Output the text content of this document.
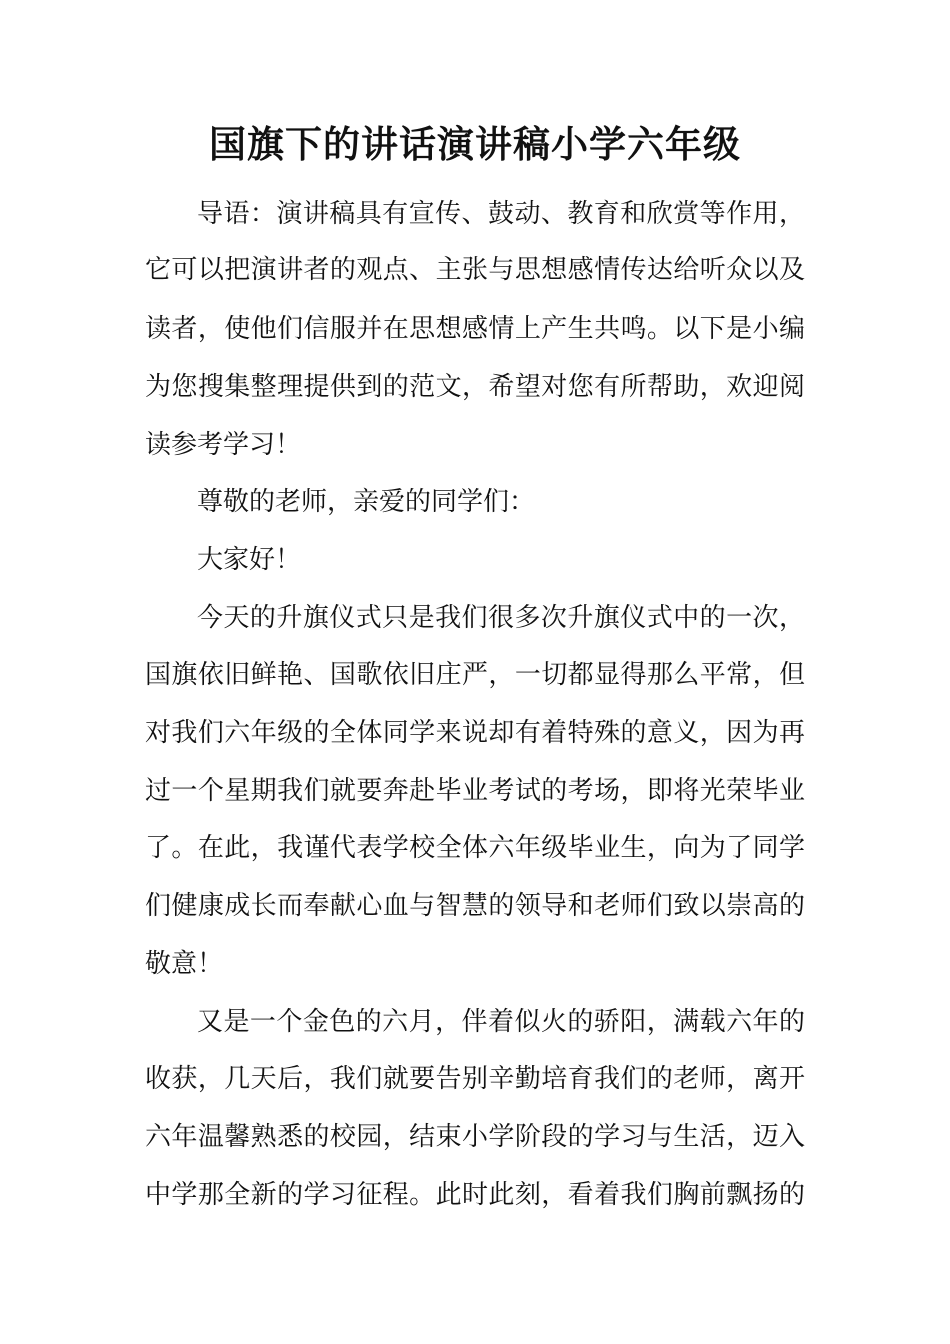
国旗下的讲话演讲稿小学六年级
导语：演讲稿具有宣传、鼓动、教育和欣赏等作用，
它可以把演讲者的观点、主张与思想感情传达给听众以及
读者，使他们信服并在思想感情上产生共鸣。以下是小编
为您搜集整理提供到的范文，希望对您有所帮助，欢迎阅
读参考学习！
尊敬的老师，亲爱的同学们：
大家好！
今天的升旗仪式只是我们很多次升旗仪式中的一次，
国旗依旧鲜艳、国歌依旧庄严，一切都显得那么平常，但
对我们六年级的全体同学来说却有着特殊的意义，因为再
过一个星期我们就要奔赴毕业考试的考场，即将光荣毕业
了。在此，我谨代表学校全体六年级毕业生，向为了同学
们健康成长而奉献心血与智慧的领导和老师们致以崇高的
敬意！
又是一个金色的六月，伴着似火的骄阳，满载六年的
收获，几天后，我们就要告别辛勤培育我们的老师，离开
六年温馨熟悉的校园，结束小学阶段的学习与生活，迈入
中学那全新的学习征程。此时此刻，看着我们胸前飘扬的
